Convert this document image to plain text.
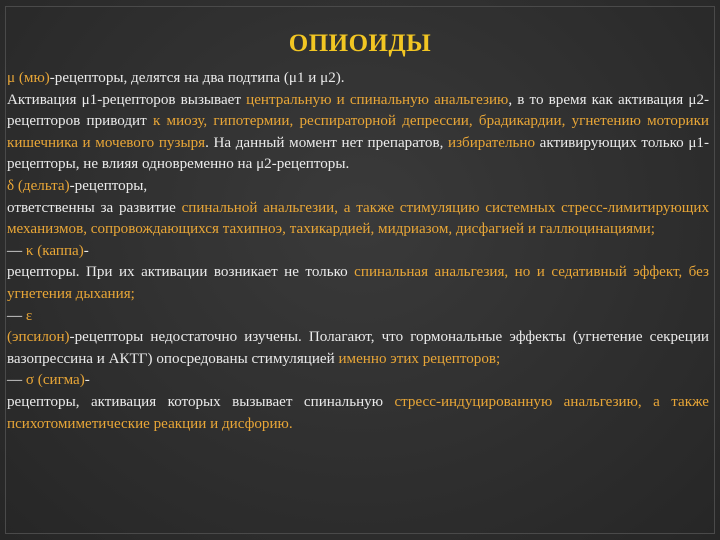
ОПИОИДЫ

μ (мю)-рецепторы, делятся на два подтипа (μ1 и μ2).

Активация μ1-рецепторов вызывает центральную и спинальную анальгезию, в то время как активация μ2-рецепторов приводит к миозу, гипотермии, респираторной депрессии, брадикардии, угнетению моторики кишечника и мочевого пузыря. На данный момент нет препаратов, избирательно активирующих только μ1-рецепторы, не влияя одновременно на μ2-рецепторы.

δ (дельта)-рецепторы,

ответственны за развитие спинальной анальгезии, а также стимуляцию системных стресс-лимитирующих механизмов, сопровождающихся тахипноэ, тахикардией, мидриазом, дисфагией и галлюцинациями;

— κ (каппа)-

рецепторы. При их активации возникает не только спинальная анальгезия, но и седативный эффект, без угнетения дыхания;

— ε

(эпсилон)-рецепторы недостаточно изучены. Полагают, что гормональные эффекты (угнетение секреции вазопрессина и АКТГ) опосредованы стимуляцией именно этих рецепторов;

— σ (сигма)-

рецепторы, активация которых вызывает спинальную стресс-индуцированную анальгезию, а также психотомиметические реакции и дисфорию.
